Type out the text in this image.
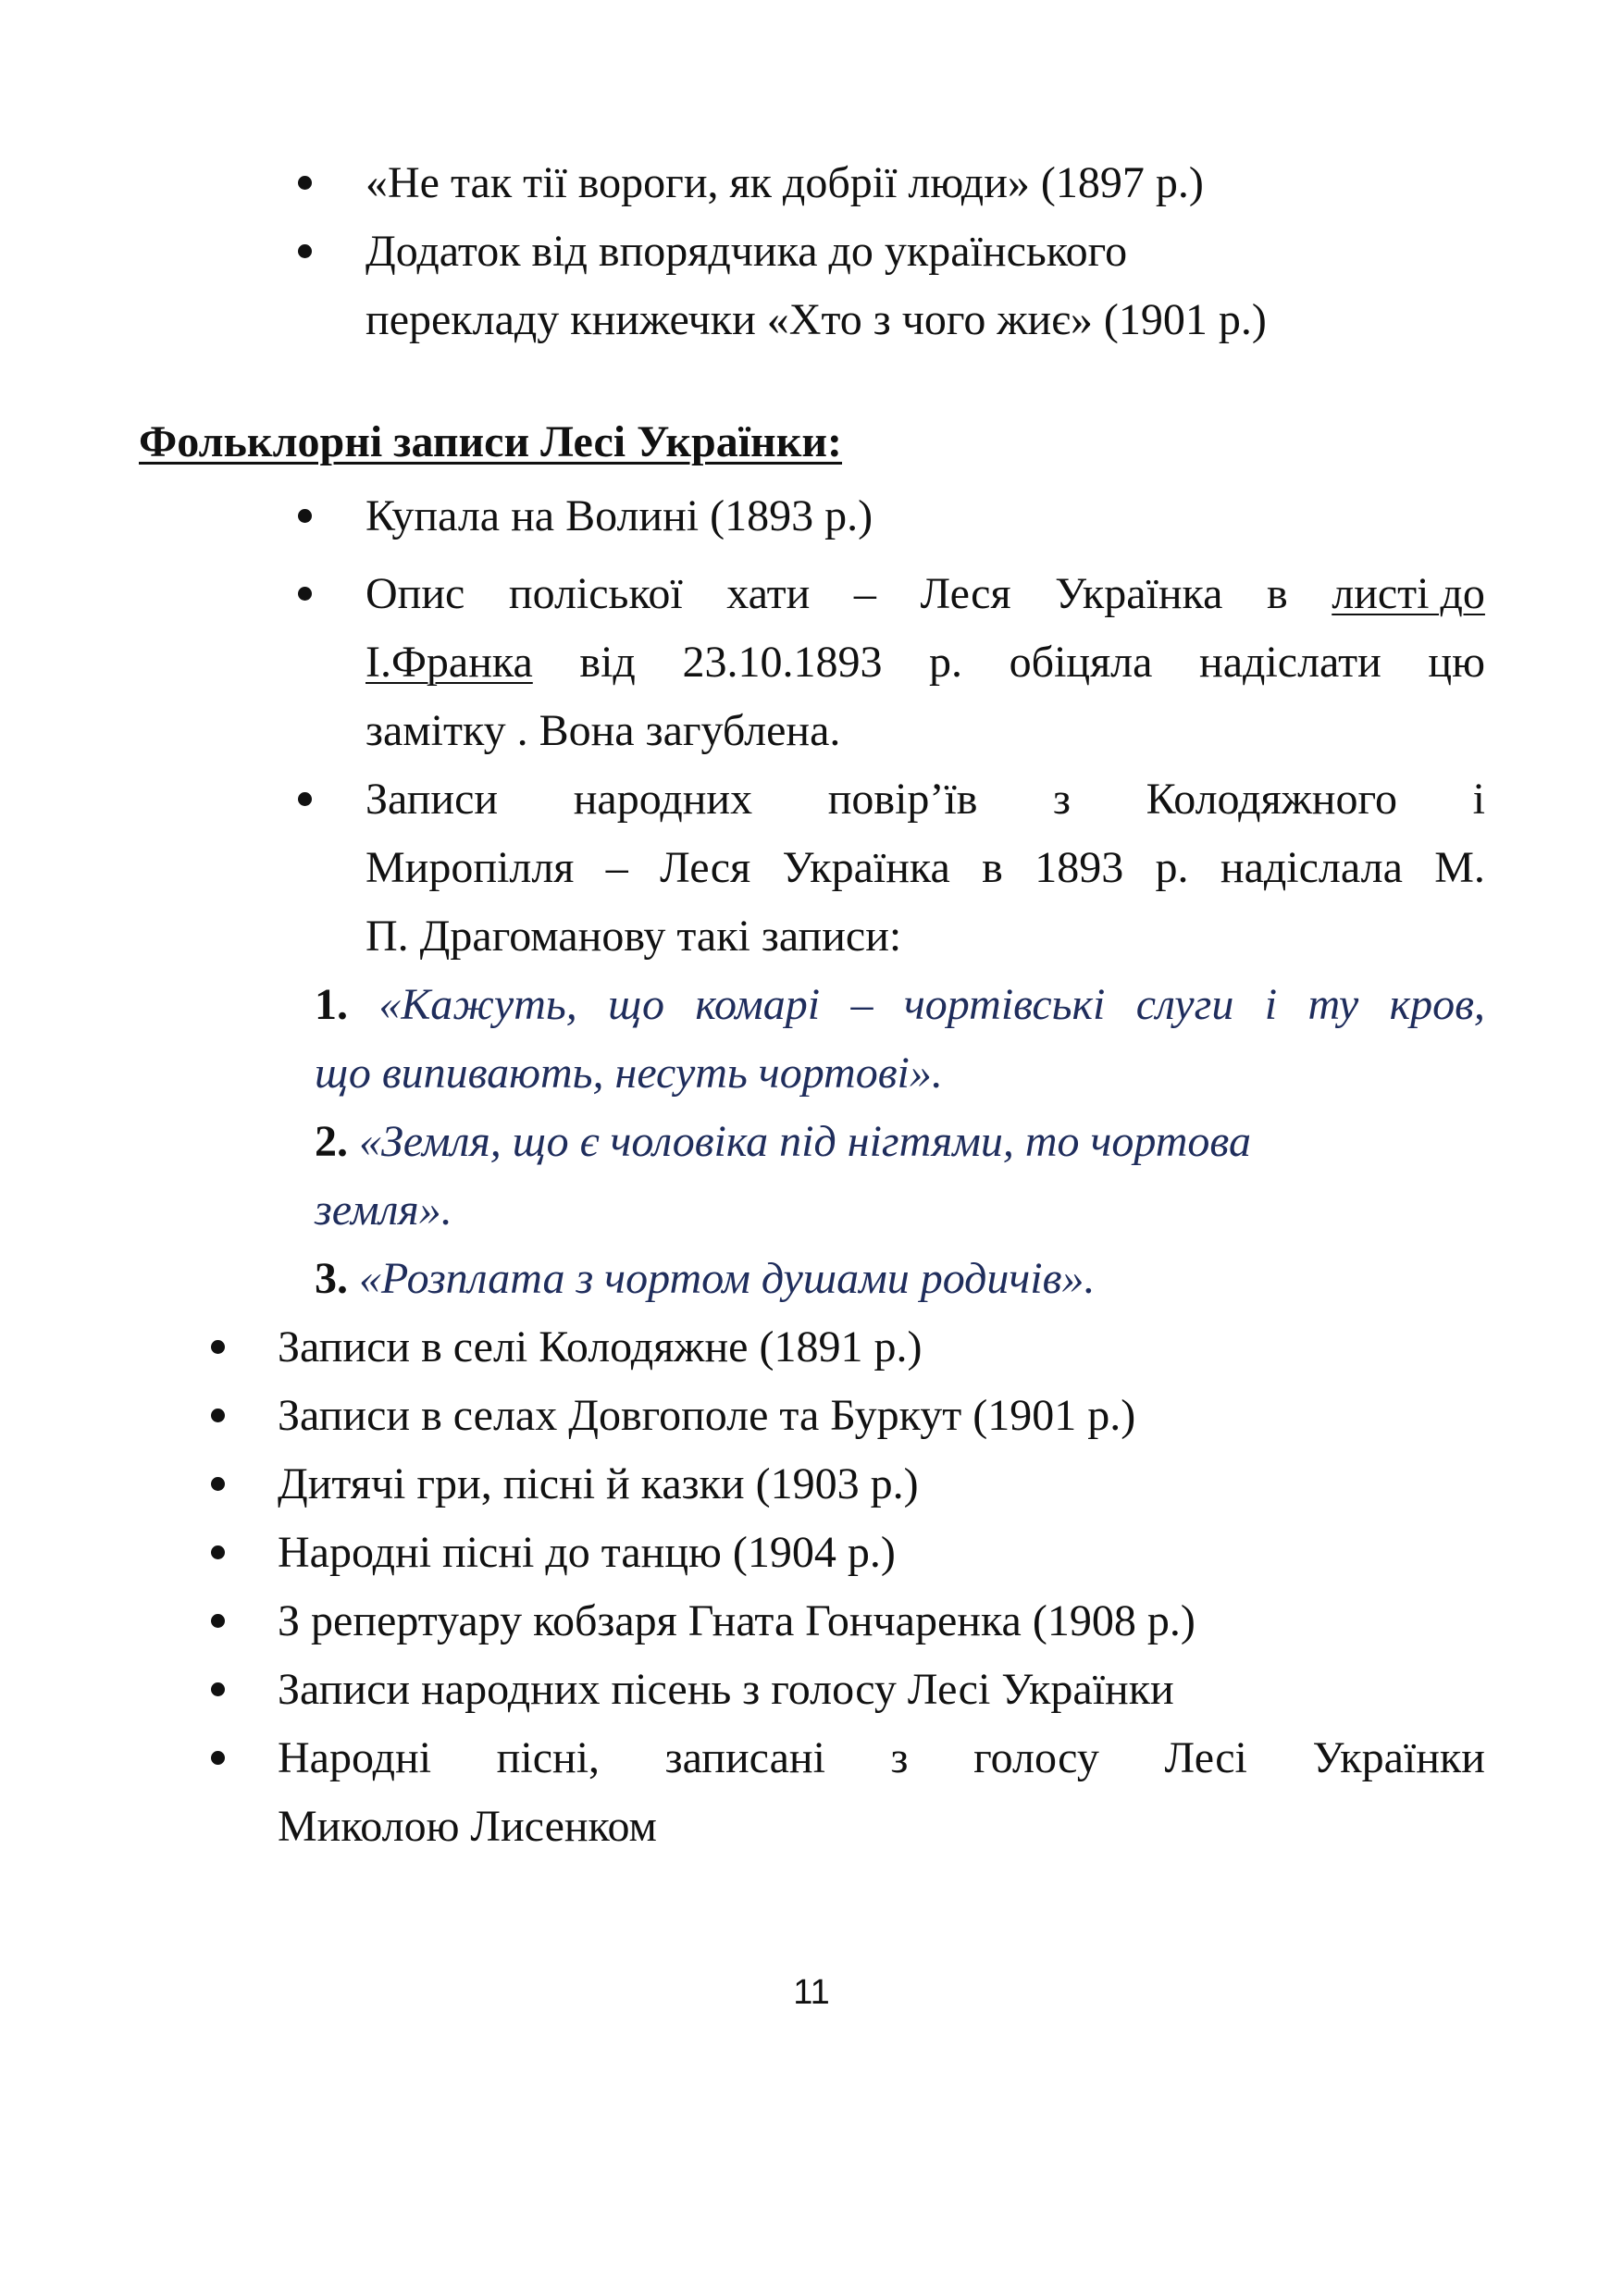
«Не так тії вороги, як добрії люди» (1897 р.)
Додаток від впорядчика до українського
перекладу книжечки «Хто з чого жиє» (1901 р.)
Фольклорні записи Лесі Українки:
Купала на Волині (1893 р.)
Опис поліської хати – Леся Українка в листі до
І.Франка від 23.10.1893 р. обіцяла надіслати цю
замітку . Вона загублена.
Записи народних повір’їв з Колодяжного і
Миропілля – Леся Українка в 1893 р. надіслала М.
П. Драгоманову такі записи:
1. «Кажуть, що комарі – чортівські слуги і ту кров,
що випивають, несуть чортові».
2. «Земля, що є чоловіка під нігтями, то чортова
земля».
3. «Розплата з чортом душами родичів».
Записи в селі Колодяжне (1891 р.)
Записи в селах Довгополе та Буркут (1901 р.)
Дитячі гри, пісні й казки (1903 р.)
Народні пісні до танцю (1904 р.)
З репертуару кобзаря Гната Гончаренка (1908 р.)
Записи народних пісень з голосу Лесі Українки
Народні пісні, записані з голосу Лесі Українки
Миколою Лисенком
11
